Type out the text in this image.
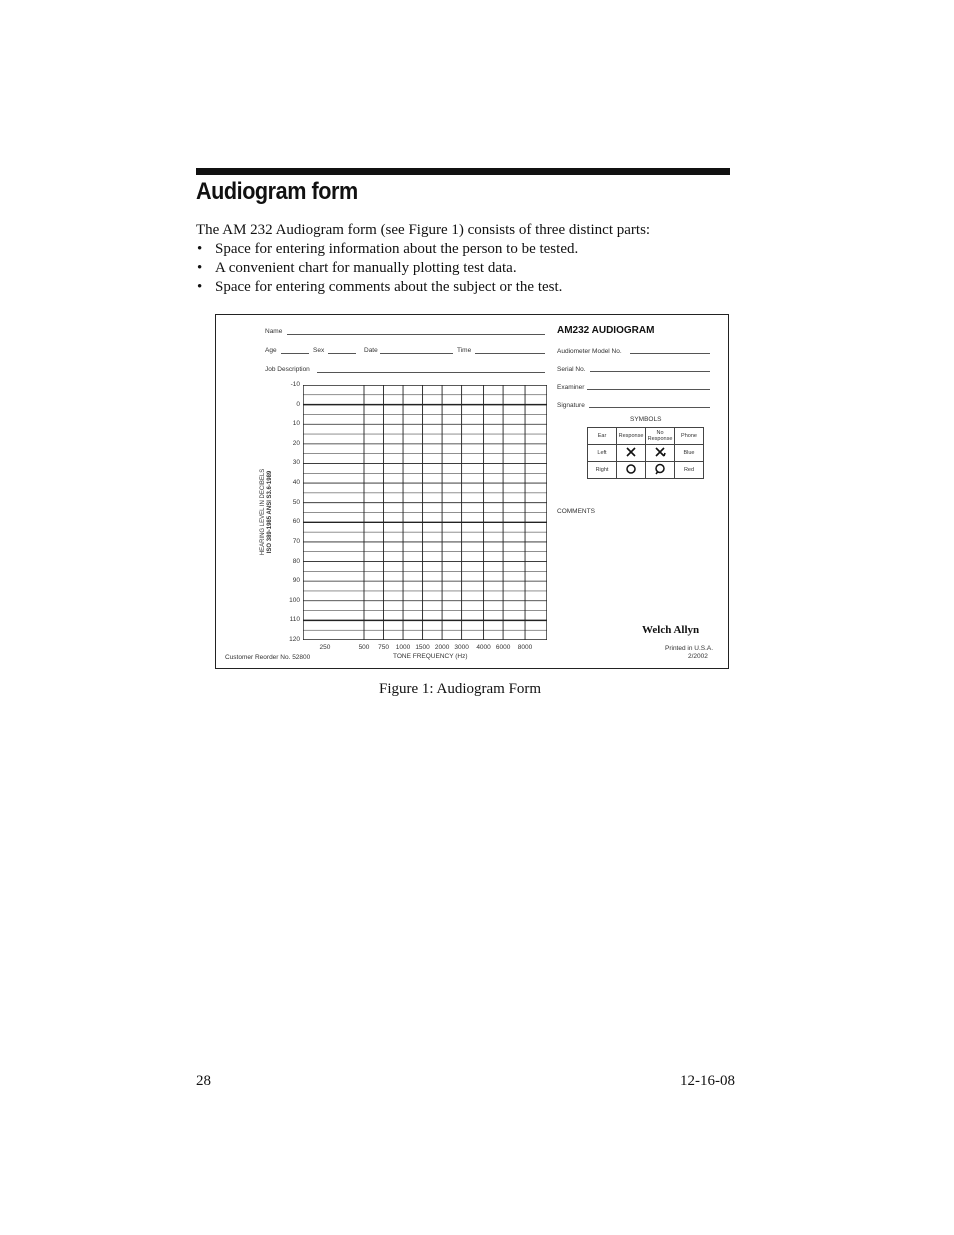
Audiogram form
The AM 232 Audiogram form (see Figure 1) consists of three distinct parts:
• Space for entering information about the person to be tested.
• A convenient chart for manually plotting test data.
• Space for entering comments about the subject or the test.
Name
Age	Sex	Date	Time
Job Description
AM232 AUDIOGRAM
Audiometer Model No.
Serial No.
Examiner
Signature
SYMBOLS
Ear	Response	No Response	Phone
Left			Blue
Right			Red
COMMENTS
HEARING LEVEL IN DECIBELS ISO 389-1985 ANSI S3.6-1989
-10
0
10
20
30
40
50
60
70
80
90
100
110
120
250	500 750 1000 1500 2000 3000 4000 6000 8000
TONE FREQUENCY (Hz)
Customer Reorder No. 52800
Welch Allyn
Printed in U.S.A.
2/2002
Figure 1: Audiogram Form
28	12-16-08
